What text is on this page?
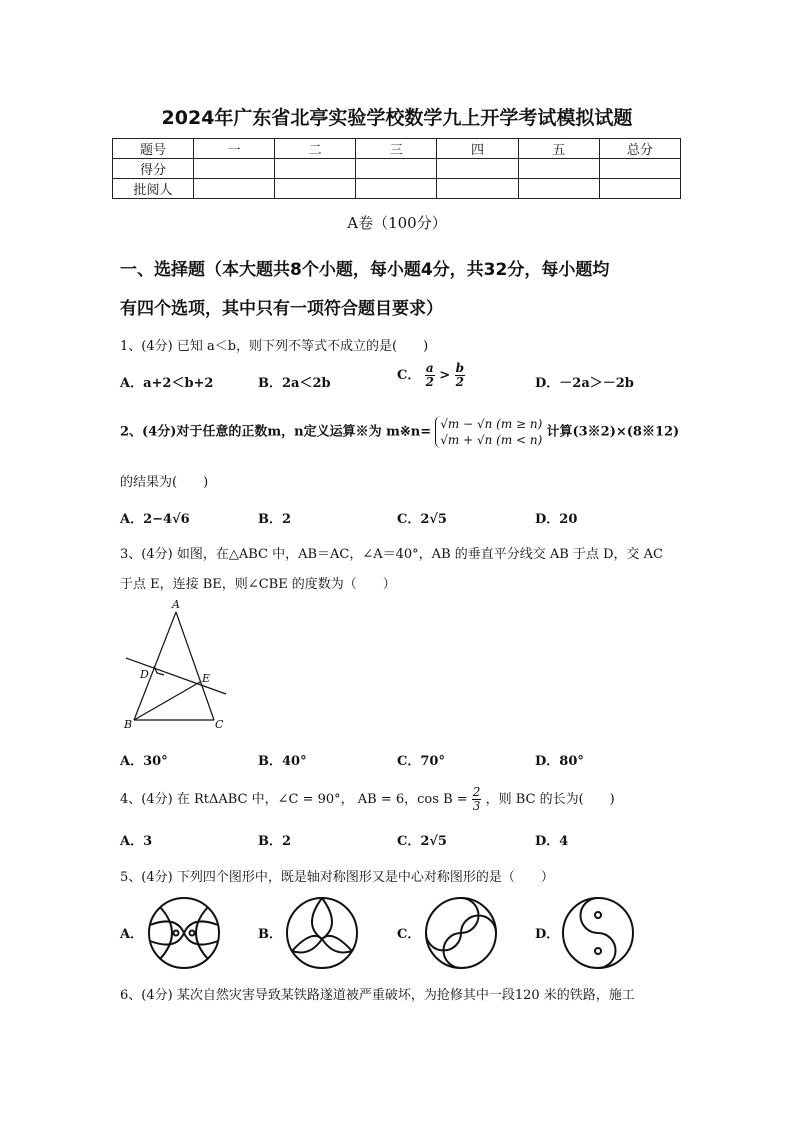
2024年广东省北亭实验学校数学九上开学考试模拟试题
题号	一	二	三	四	五	总分
得分						
批阅人						
A卷（100分）
一、选择题（本大题共8个小题，每小题4分，共32分，每小题均
有四个选项，其中只有一项符合题目要求）
1、(4分) 已知 a＜b，则下列不等式不成立的是(　　)
A．a+2＜b+2	B．2a＜2b
C． $\frac{a}{2} > \frac{b}{2}$	D．－2a＞－2b
2、(4分)对于任意的正数m，n定义运算※为 m※n=
√m − √n (m ≥ n)
√m + √n (m < n)
计算(3※2)×(8※12)
的结果为(　　)
A．2−4√6	B．2	C．2√5	D．20
3、(4分) 如图，在△ABC 中，AB＝AC，∠A＝40°，AB 的垂直平分线交 AB 于点 D，交 AC
于点 E，连接 BE，则∠CBE 的度数为（　　）
A
D	E
B	C
A．30°	B．40°	C．70°	D．80°
4、(4分) 在 RtΔABC 中，∠C = 90°， AB = 6，$\cos B = \frac{2}{3}$ ，则 BC 的长为(　　)
A．3	B．2	C．2√5	D．4
5、(4分) 下列四个图形中，既是轴对称图形又是中心对称图形的是（　　）
A．	B．	C．	D．
6、(4分) 某次自然灾害导致某铁路遂道被严重破坏，为抢修其中一段120 米的铁路，施工
